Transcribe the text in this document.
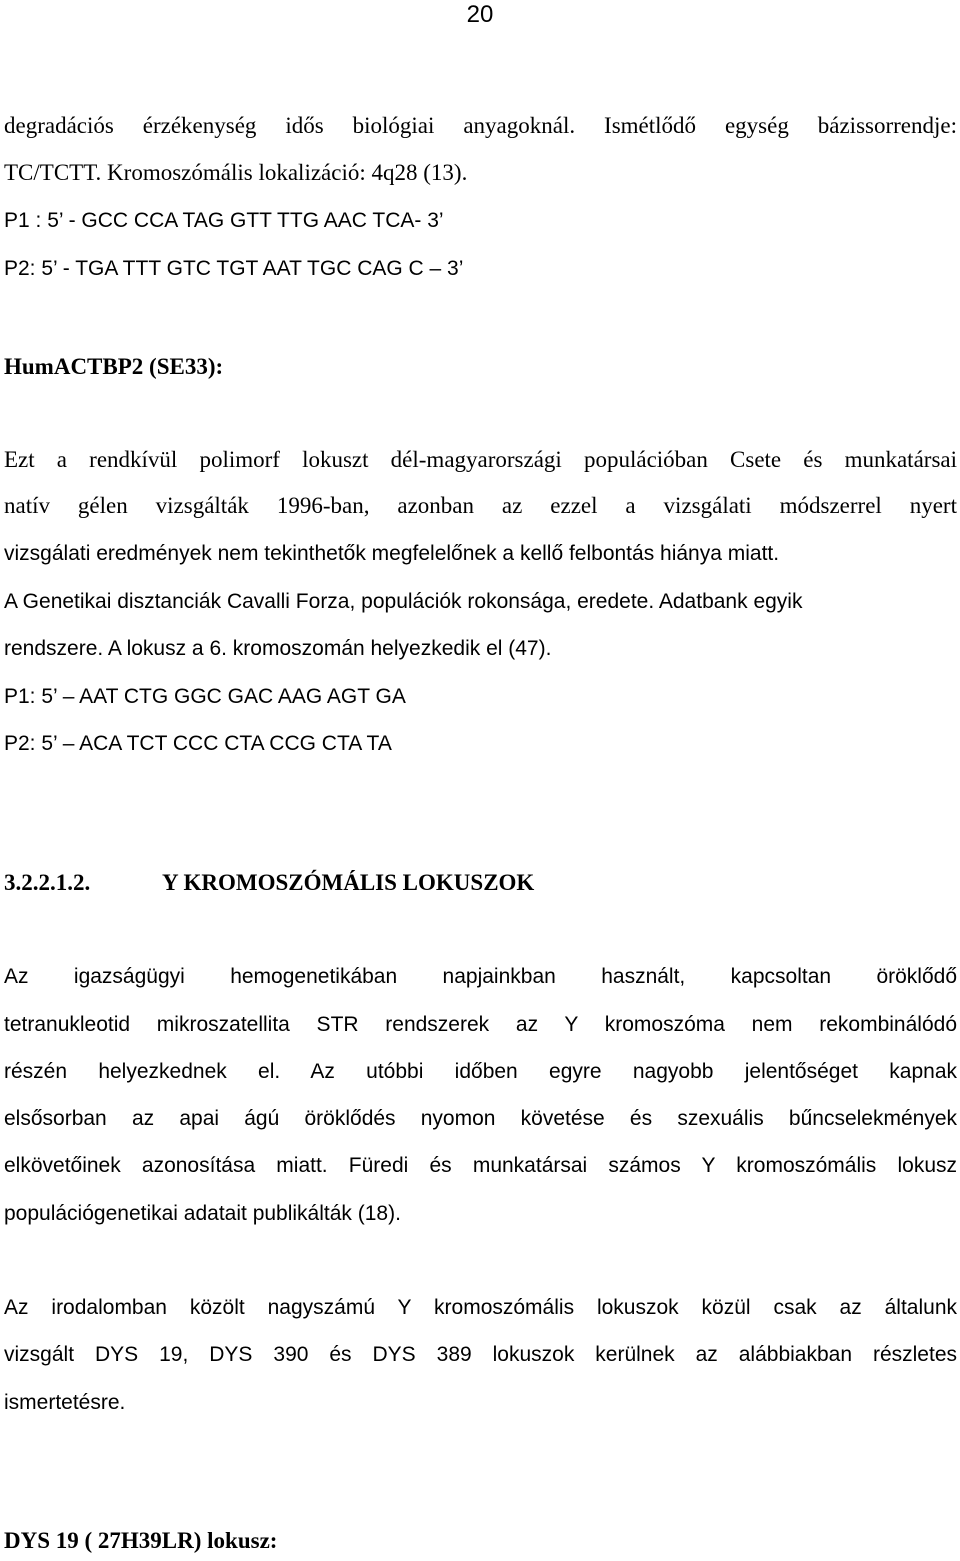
20
degradációs érzékenység idős biológiai anyagoknál. Ismétlődő egység bázissorrendje:
TC/TCTT. Kromoszómális lokalizáció: 4q28 (13).
P1 : 5’ - GCC CCA TAG GTT TTG AAC TCA- 3’
P2: 5’ - TGA TTT GTC TGT AAT TGC CAG C – 3’
HumACTBP2 (SE33):
Ezt a rendkívül polimorf lokuszt dél-magyarországi populációban Csete és munkatársai
natív gélen vizsgálták 1996-ban, azonban az ezzel a vizsgálati módszerrel nyert
vizsgálati eredmények nem tekinthetők megfelelőnek a kellő felbontás hiánya miatt.
A Genetikai disztanciák Cavalli Forza, populációk rokonsága, eredete. Adatbank egyik
rendszere. A lokusz a 6. kromoszomán helyezkedik el (47).
P1: 5’ – AAT CTG GGC GAC AAG AGT GA
P2: 5’ – ACA TCT CCC CTA CCG CTA TA
3.2.2.1.2.	Y KROMOSZÓMÁLIS LOKUSZOK
Az igazságügyi hemogenetikában napjainkban használt, kapcsoltan öröklődő
tetranukleotid mikroszatellita STR rendszerek az Y kromoszóma nem rekombinálódó
részén helyezkednek el. Az utóbbi időben egyre nagyobb jelentőséget kapnak
elsősorban az apai ágú öröklődés nyomon követése és szexuális bűncselekmények
elkövetőinek azonosítása miatt. Füredi és munkatársai számos Y kromoszómális lokusz
populációgenetikai adatait publikálták (18).
Az irodalomban közölt nagyszámú Y kromoszómális lokuszok közül csak az általunk
vizsgált DYS 19, DYS 390 és DYS 389 lokuszok kerülnek az alábbiakban részletes
ismertetésre.
DYS 19 ( 27H39LR) lokusz:
